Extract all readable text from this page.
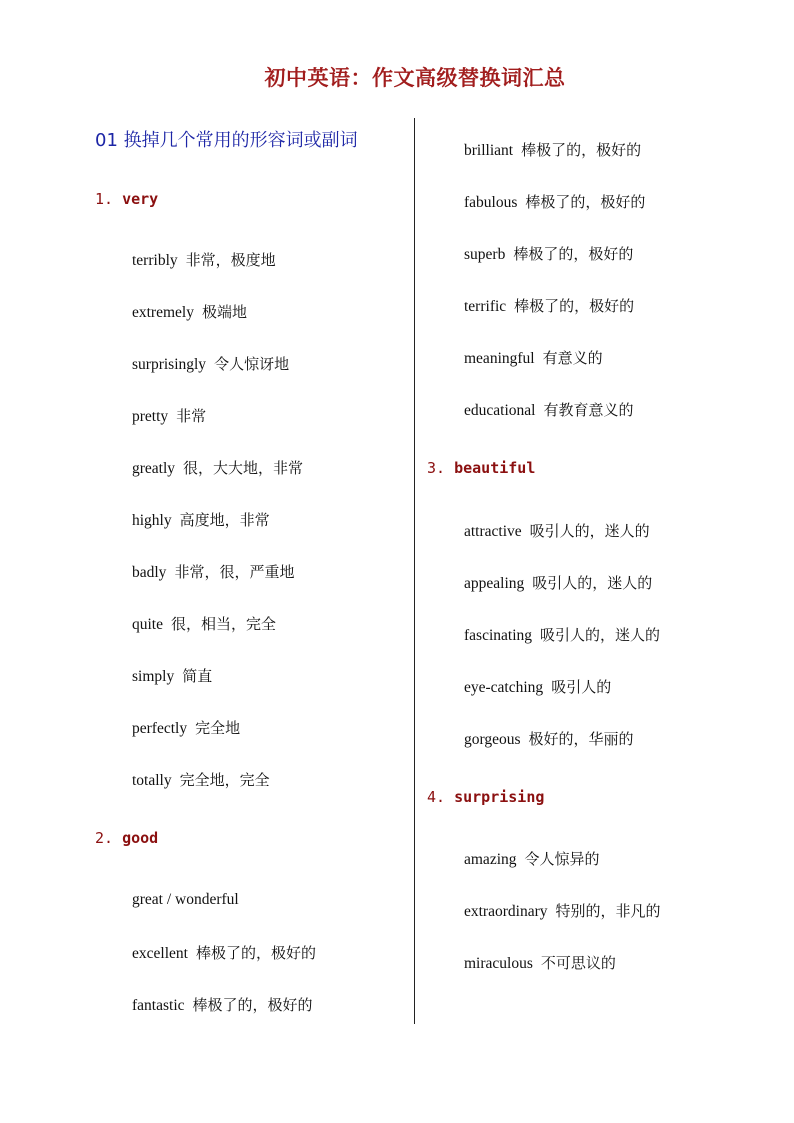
初中英语：作文高级替换词汇总
01 换掉几个常用的形容词或副词
1. very
terribly 非常，极度地
extremely 极端地
surprisingly 令人惊讶地
pretty 非常
greatly 很，大大地，非常
highly 高度地，非常
badly 非常，很，严重地
quite 很，相当，完全
simply 简直
perfectly 完全地
totally 完全地，完全
2. good
great / wonderful
excellent 棒极了的，极好的
fantastic 棒极了的，极好的
brilliant 棒极了的，极好的
fabulous 棒极了的，极好的
superb 棒极了的，极好的
terrific 棒极了的，极好的
meaningful 有意义的
educational 有教育意义的
3. beautiful
attractive 吸引人的，迷人的
appealing 吸引人的，迷人的
fascinating 吸引人的，迷人的
eye-catching 吸引人的
gorgeous 极好的，华丽的
4. surprising
amazing 令人惊异的
extraordinary 特别的，非凡的
miraculous 不可思议的
